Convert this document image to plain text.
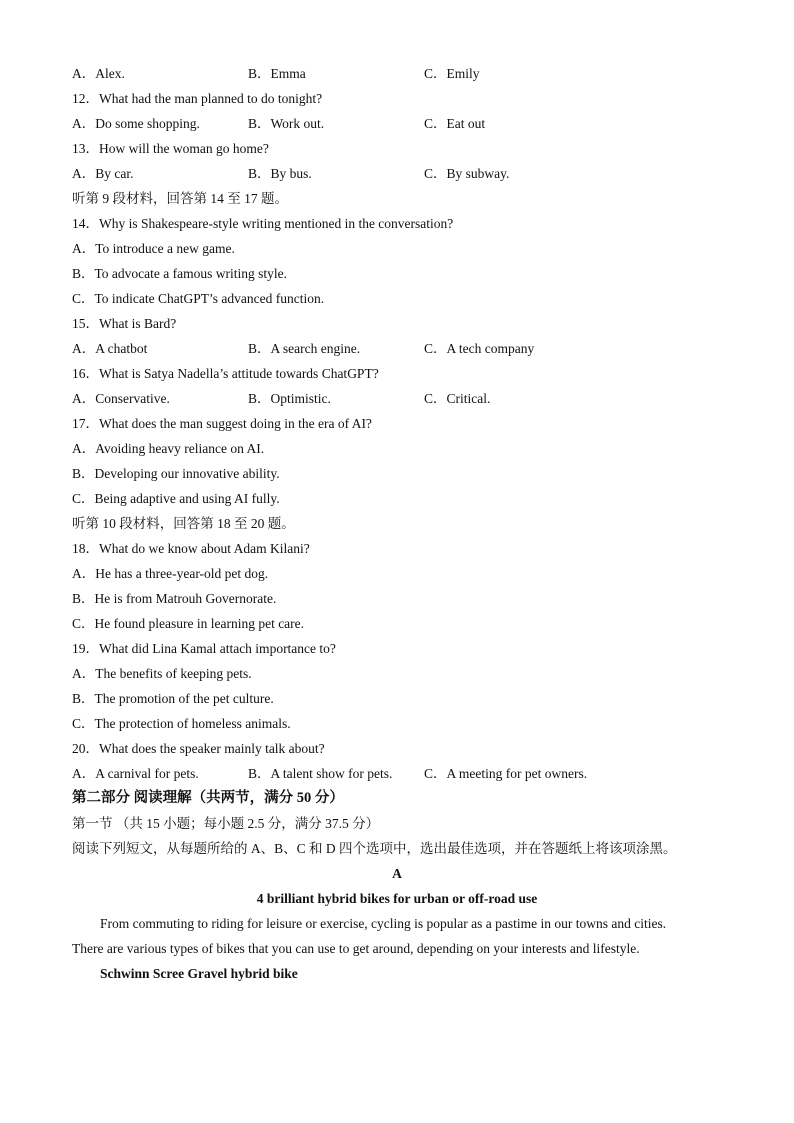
A．Alex.	B．Emma	C．Emily
12．What had the man planned to do tonight?
A．Do some shopping.	B．Work out.	C．Eat out
13．How will the woman go home?
A．By car.	B．By bus.	C．By subway.
听第 9 段材料，回答第 14 至 17 题。
14．Why is Shakespeare-style writing mentioned in the conversation?
A．To introduce a new game.
B．To advocate a famous writing style.
C．To indicate ChatGPT’s advanced function.
15．What is Bard?
A．A chatbot	B．A search engine.	C．A tech company
16．What is Satya Nadella’s attitude towards ChatGPT?
A．Conservative.	B．Optimistic.	C．Critical.
17．What does the man suggest doing in the era of AI?
A．Avoiding heavy reliance on AI.
B．Developing our innovative ability.
C．Being adaptive and using AI fully.
听第 10 段材料，回答第 18 至 20 题。
18．What do we know about Adam Kilani?
A．He has a three-year-old pet dog.
B．He is from Matrouh Governorate.
C．He found pleasure in learning pet care.
19．What did Lina Kamal attach importance to?
A．The benefits of keeping pets.
B．The promotion of the pet culture.
C．The protection of homeless animals.
20．What does the speaker mainly talk about?
A．A carnival for pets.	B．A talent show for pets. C．A meeting for pet owners.
第二部分 阅读理解（共两节，满分 50 分）
第一节 （共 15 小题；每小题 2.5 分，满分 37.5 分）
阅读下列短文，从每题所给的 A、B、C 和 D 四个选项中，选出最佳选项，并在答题纸上将该项涂黑。
A
4 brilliant hybrid bikes for urban or off-road use
From commuting to riding for leisure or exercise, cycling is popular as a pastime in our towns and cities.
There are various types of bikes that you can use to get around, depending on your interests and lifestyle.
Schwinn Scree Gravel hybrid bike
